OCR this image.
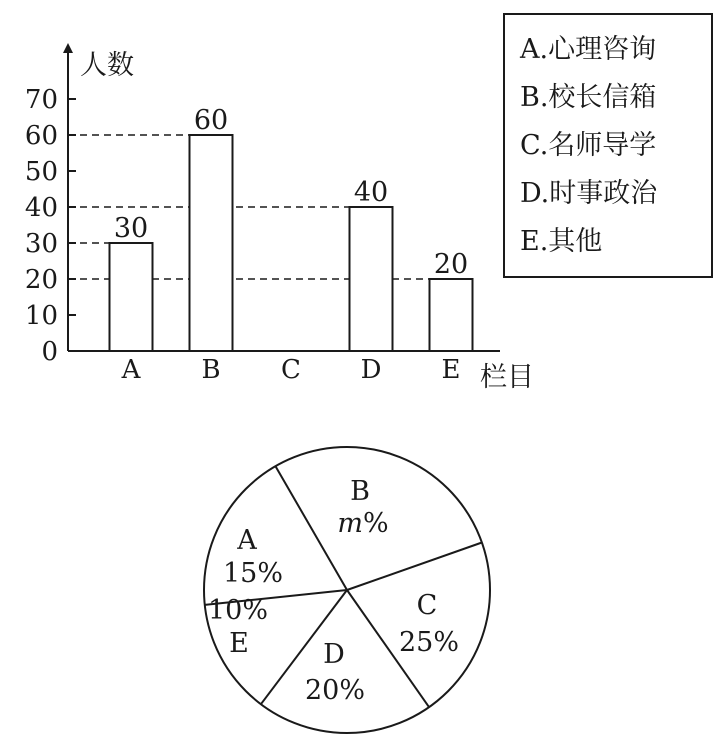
0
10
20
30
40
50
60
70
A B C D E
30
60
40
20
人数
栏目
A.心理咨询
B.校长信箱
C.名师导学
D.时事政治
E.其他
A
15%
B
m%
C
25%
D
20%
10%
E
